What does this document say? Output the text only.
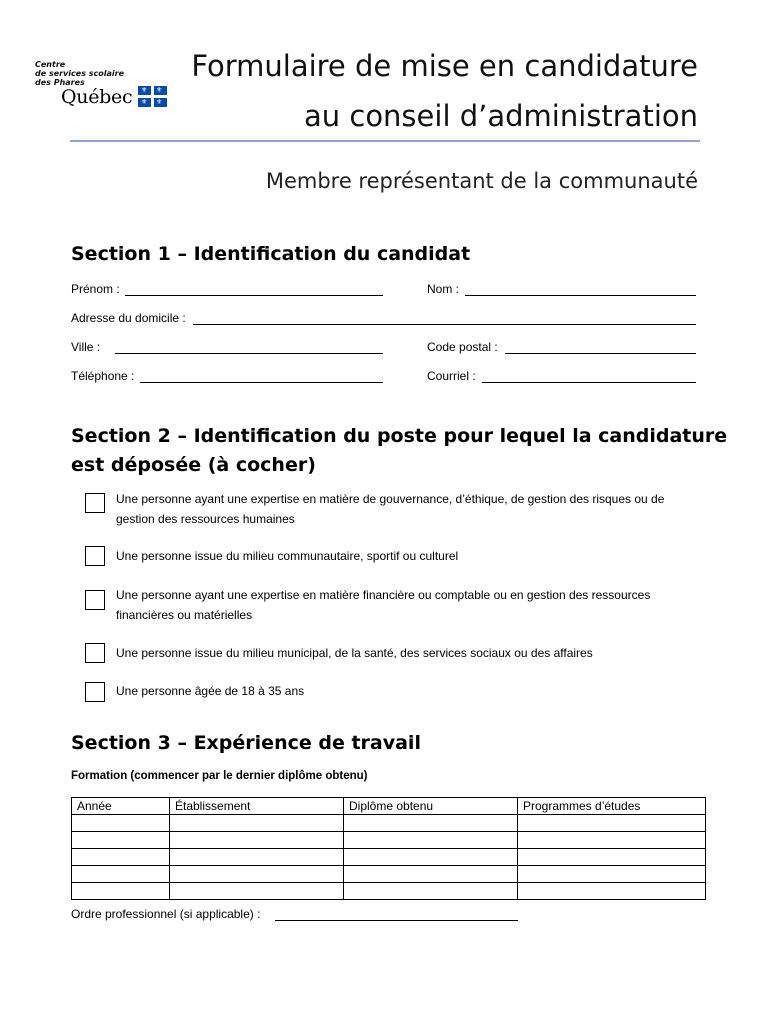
Centre
de services scolaire
des Phares
Québec ⚜ ⚜
⚜ ⚜
Formulaire de mise en candidature
au conseil d’administration
Membre représentant de la communauté
Section 1 – Identification du candidat
Prénom :	Nom :
Adresse du domicile :
Ville :	Code postal :
Téléphone :	Courriel :
Section 2 – Identification du poste pour lequel la candidature
est déposée (à cocher)
Une personne ayant une expertise en matière de gouvernance, d’éthique, de gestion des risques ou de gestion des ressources humaines
Une personne issue du milieu communautaire, sportif ou culturel
Une personne ayant une expertise en matière financière ou comptable ou en gestion des ressources financières ou matérielles
Une personne issue du milieu municipal, de la santé, des services sociaux ou des affaires
Une personne âgée de 18 à 35 ans
Section 3 – Expérience de travail
Formation (commencer par le dernier diplôme obtenu)
Année	Établissement	Diplôme obtenu	Programmes d’études

Ordre professionnel (si applicable) :
